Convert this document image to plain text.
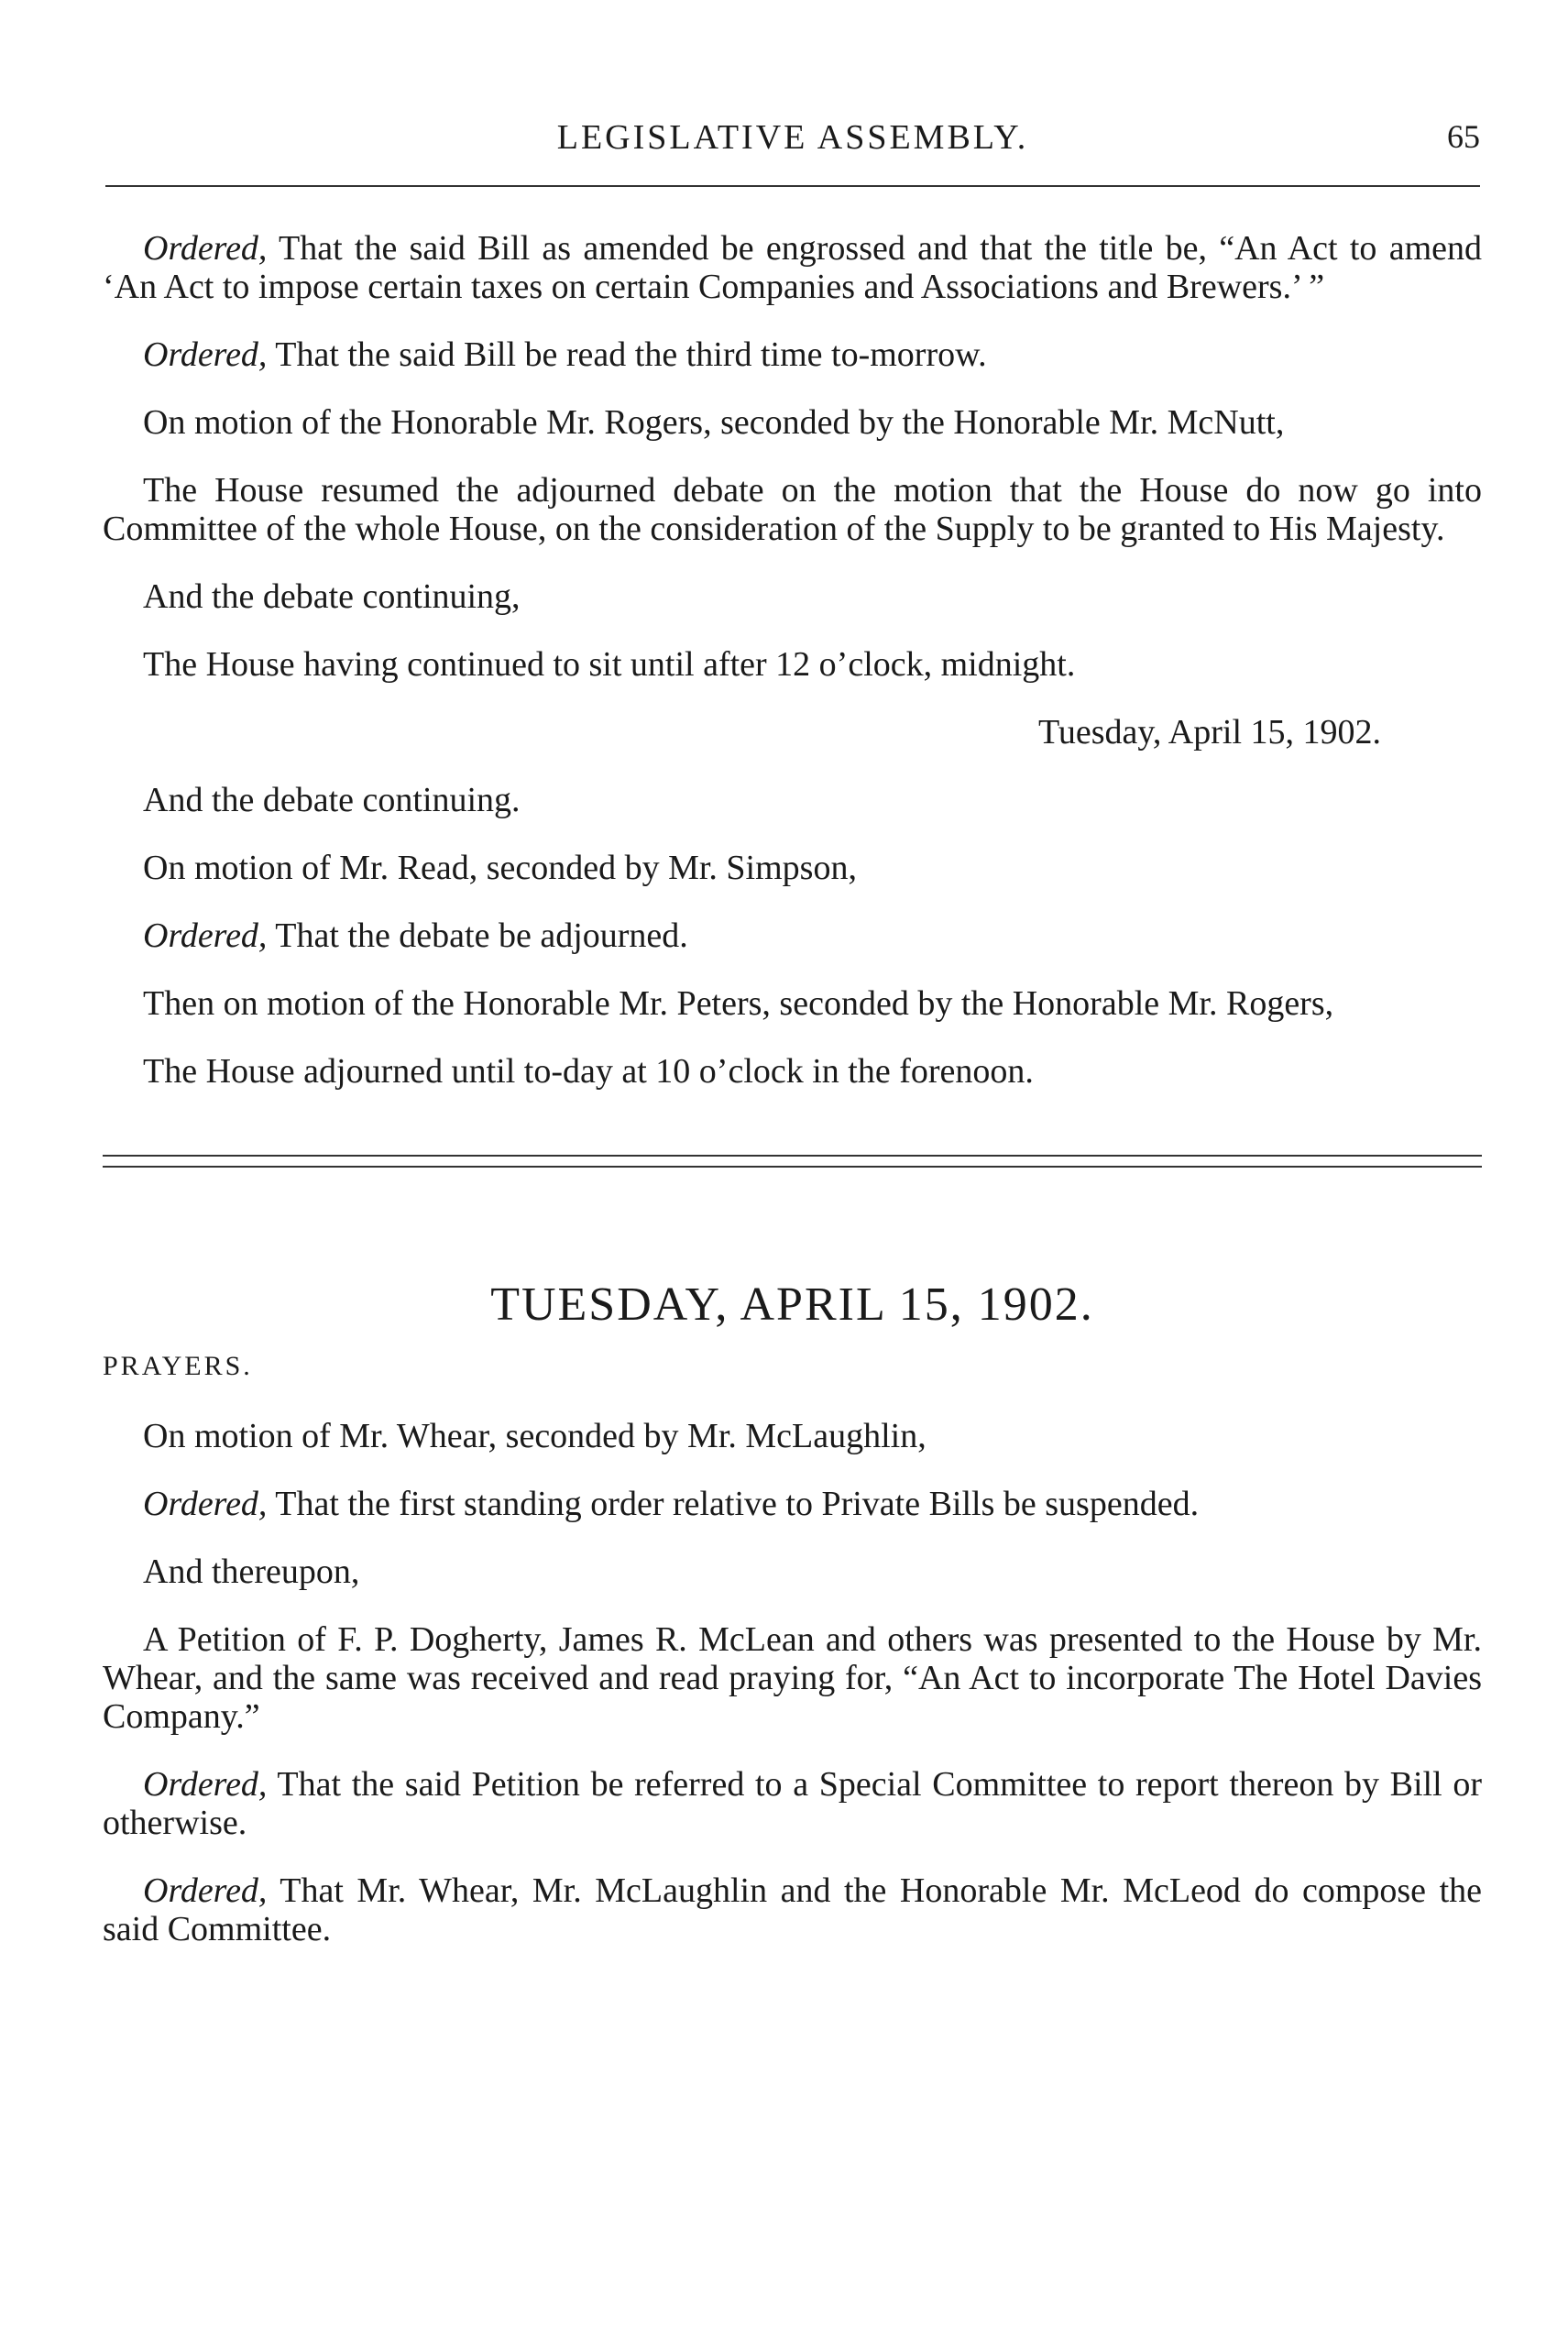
LEGISLATIVE ASSEMBLY.	65

Ordered, That the said Bill as amended be engrossed and that the title be, “An Act to amend ‘An Act to impose certain taxes on certain Companies and Associations and Brewers.’ ”

Ordered, That the said Bill be read the third time to-morrow.

On motion of the Honorable Mr. Rogers, seconded by the Honorable Mr. McNutt,

The House resumed the adjourned debate on the motion that the House do now go into Committee of the whole House, on the consideration of the Supply to be granted to His Majesty.

And the debate continuing,

The House having continued to sit until after 12 o’clock, midnight.

Tuesday, April 15, 1902.

And the debate continuing.

On motion of Mr. Read, seconded by Mr. Simpson,

Ordered, That the debate be adjourned.

Then on motion of the Honorable Mr. Peters, seconded by the Honorable Mr. Rogers,

The House adjourned until to-day at 10 o’clock in the forenoon.

TUESDAY, APRIL 15, 1902.

PRAYERS.

On motion of Mr. Whear, seconded by Mr. McLaughlin,

Ordered, That the first standing order relative to Private Bills be suspended.

And thereupon,

A Petition of F. P. Dogherty, James R. McLean and others was presented to the House by Mr. Whear, and the same was received and read praying for, “An Act to incorporate The Hotel Davies Company.”

Ordered, That the said Petition be referred to a Special Committee to report thereon by Bill or otherwise.

Ordered, That Mr. Whear, Mr. McLaughlin and the Honorable Mr. McLeod do compose the said Committee.
